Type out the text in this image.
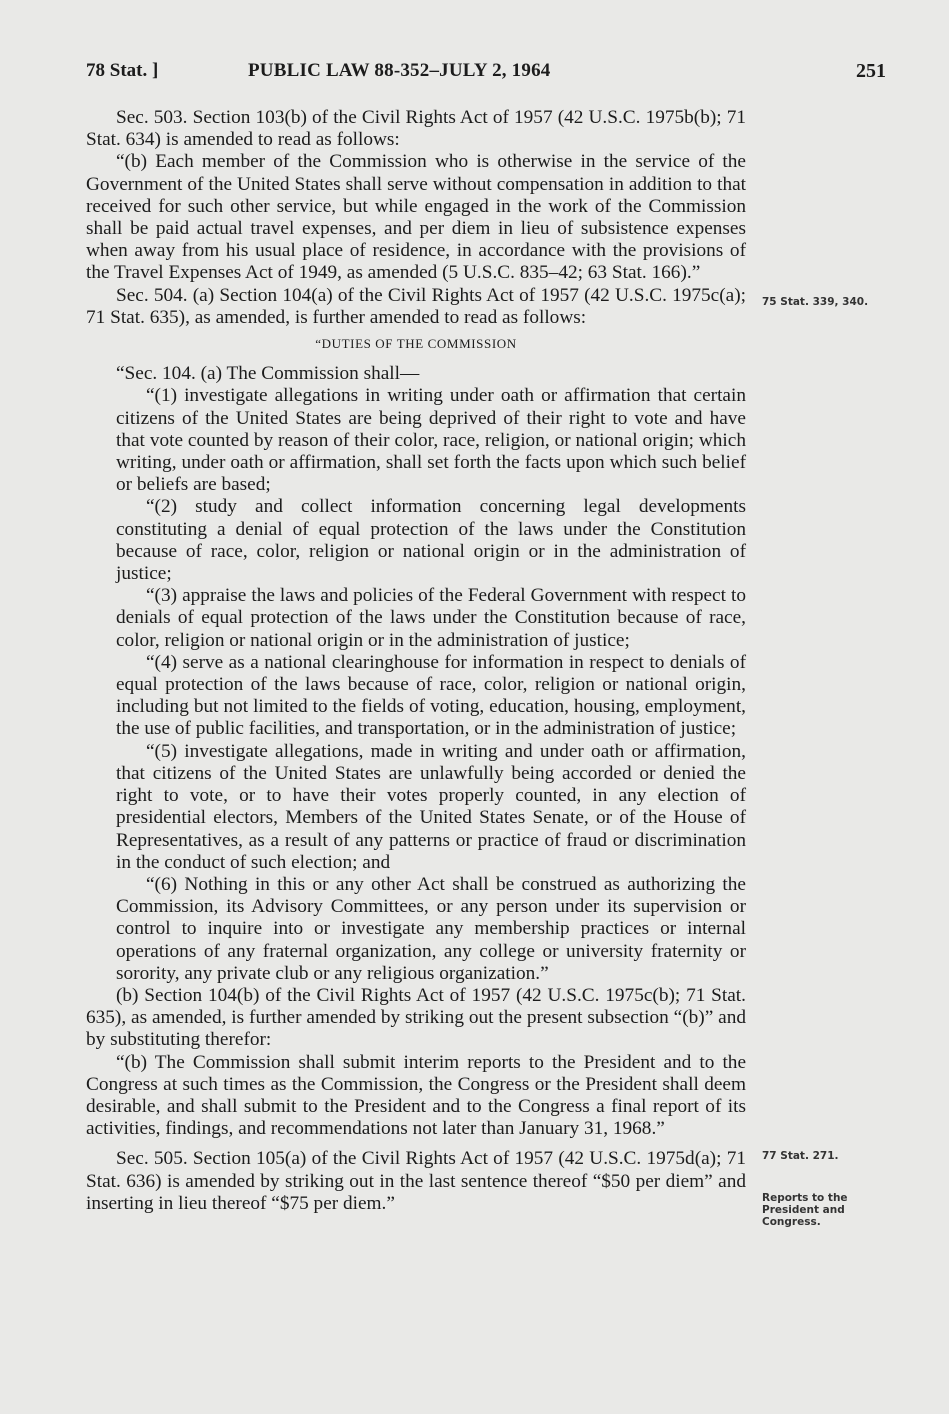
78 Stat. ]	PUBLIC LAW 88-352–JULY 2, 1964	251

Sec. 503. Section 103(b) of the Civil Rights Act of 1957 (42 U.S.C. 1975b(b); 71 Stat. 634) is amended to read as follows:

“(b) Each member of the Commission who is otherwise in the service of the Government of the United States shall serve without compensation in addition to that received for such other service, but while engaged in the work of the Commission shall be paid actual travel expenses, and per diem in lieu of subsistence expenses when away from his usual place of residence, in accordance with the provisions of the Travel Expenses Act of 1949, as amended (5 U.S.C. 835–42; 63 Stat. 166).”

Sec. 504. (a) Section 104(a) of the Civil Rights Act of 1957 (42 U.S.C. 1975c(a); 71 Stat. 635), as amended, is further amended to read as follows:

“DUTIES OF THE COMMISSION

“Sec. 104. (a) The Commission shall—

“(1) investigate allegations in writing under oath or affirmation that certain citizens of the United States are being deprived of their right to vote and have that vote counted by reason of their color, race, religion, or national origin; which writing, under oath or affirmation, shall set forth the facts upon which such belief or beliefs are based;

“(2) study and collect information concerning legal developments constituting a denial of equal protection of the laws under the Constitution because of race, color, religion or national origin or in the administration of justice;

“(3) appraise the laws and policies of the Federal Government with respect to denials of equal protection of the laws under the Constitution because of race, color, religion or national origin or in the administration of justice;

“(4) serve as a national clearinghouse for information in respect to denials of equal protection of the laws because of race, color, religion or national origin, including but not limited to the fields of voting, education, housing, employment, the use of public facilities, and transportation, or in the administration of justice;

“(5) investigate allegations, made in writing and under oath or affirmation, that citizens of the United States are unlawfully being accorded or denied the right to vote, or to have their votes properly counted, in any election of presidential electors, Members of the United States Senate, or of the House of Representatives, as a result of any patterns or practice of fraud or discrimination in the conduct of such election; and

“(6) Nothing in this or any other Act shall be construed as authorizing the Commission, its Advisory Committees, or any person under its supervision or control to inquire into or investigate any membership practices or internal operations of any fraternal organization, any college or university fraternity or sorority, any private club or any religious organization.”

(b) Section 104(b) of the Civil Rights Act of 1957 (42 U.S.C. 1975c(b); 71 Stat. 635), as amended, is further amended by striking out the present subsection “(b)” and by substituting therefor:

“(b) The Commission shall submit interim reports to the President and to the Congress at such times as the Commission, the Congress or the President shall deem desirable, and shall submit to the President and to the Congress a final report of its activities, findings, and recommendations not later than January 31, 1968.”

Sec. 505. Section 105(a) of the Civil Rights Act of 1957 (42 U.S.C. 1975d(a); 71 Stat. 636) is amended by striking out in the last sentence thereof “$50 per diem” and inserting in lieu thereof “$75 per diem.”

75 Stat. 339, 340.
77 Stat. 271.
Reports to the President and Congress.
